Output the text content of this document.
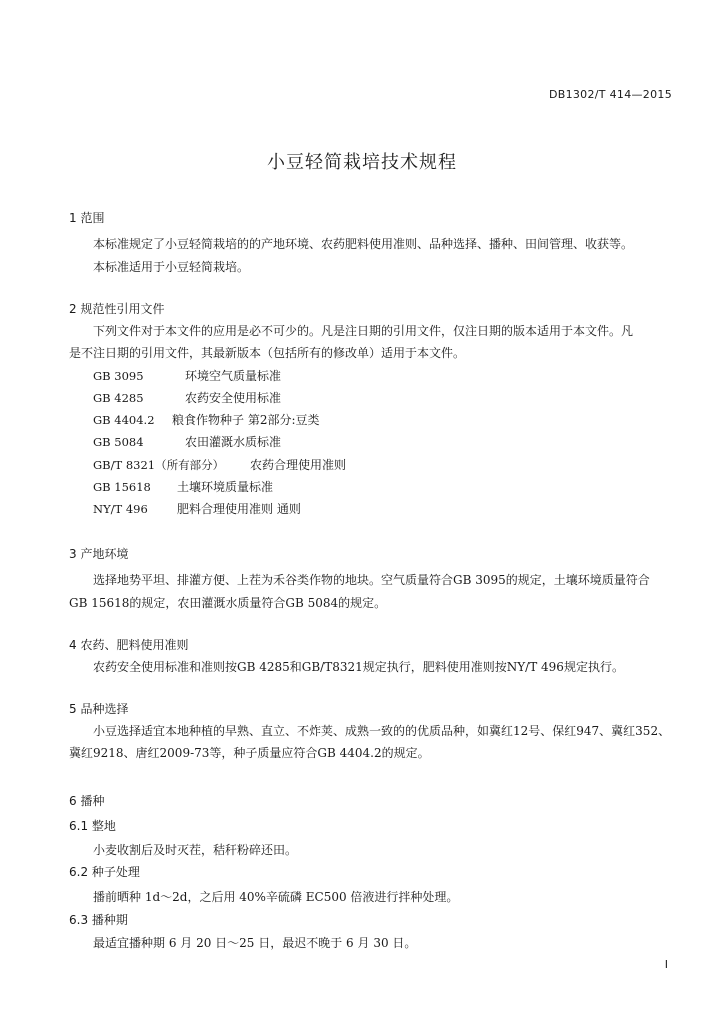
DB1302/T 414—2015
小豆轻简栽培技术规程
1 范围
本标准规定了小豆轻简栽培的的产地环境、农药肥料使用准则、品种选择、播种、田间管理、收获等。
本标准适用于小豆轻简栽培。
2 规范性引用文件
下列文件对于本文件的应用是必不可少的。凡是注日期的引用文件，仅注日期的版本适用于本文件。凡
是不注日期的引用文件，其最新版本（包括所有的修改单）适用于本文件。
GB 3095	环境空气质量标准
GB 4285	农药安全使用标准
GB 4404.2 粮食作物种子 第2部分:豆类
GB 5084	农田灌溉水质标准
GB/T 8321（所有部分） 农药合理使用准则
GB 15618 土壤环境质量标准
NY/T 496 肥料合理使用准则 通则
3 产地环境
选择地势平坦、排灌方便、上茬为禾谷类作物的地块。空气质量符合GB 3095的规定，土壤环境质量符合
GB 15618的规定，农田灌溉水质量符合GB 5084的规定。
4 农药、肥料使用准则
农药安全使用标准和准则按GB 4285和GB/T8321规定执行，肥料使用准则按NY/T 496规定执行。
5 品种选择
小豆选择适宜本地种植的早熟、直立、不炸荚、成熟一致的的优质品种，如冀红12号、保红947、冀红352、
冀红9218、唐红2009-73等，种子质量应符合GB 4404.2的规定。
6 播种
6.1 整地
小麦收割后及时灭茬，秸秆粉碎还田。
6.2 种子处理
播前晒种 1d～2d，之后用 40%辛硫磷 EC500 倍液进行拌种处理。
6.3 播种期
最适宜播种期 6 月 20 日～25 日，最迟不晚于 6 月 30 日。
I
